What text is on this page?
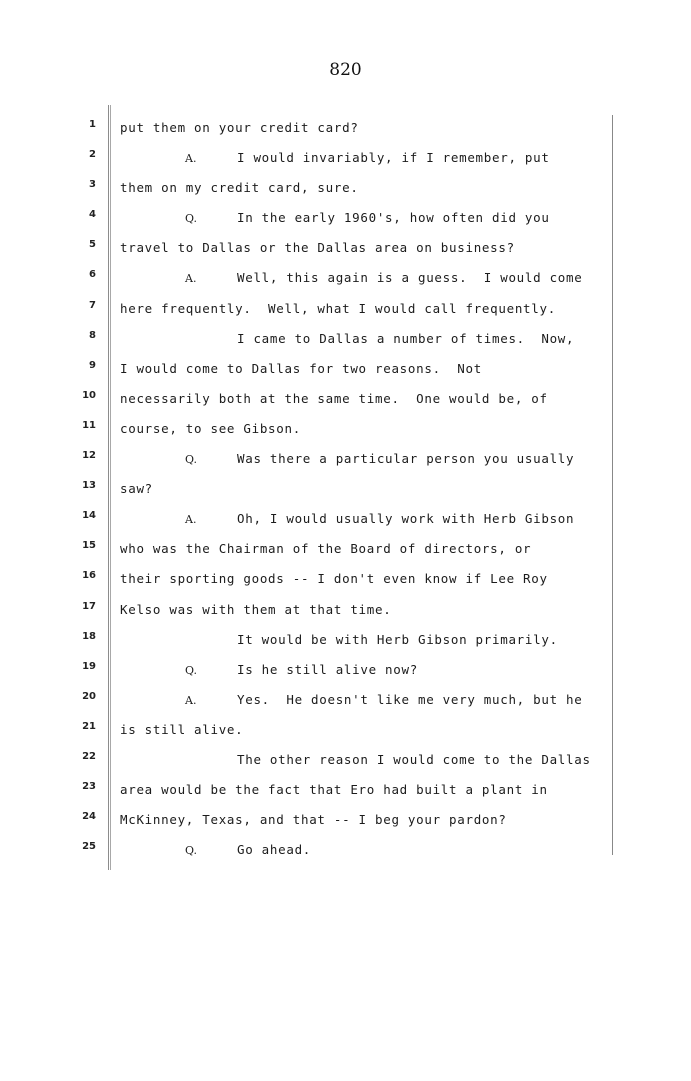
820
1 put them on your credit card?
2	A.	I would invariably, if I remember, put
3 them on my credit card, sure.
4	Q.	In the early 1960's, how often did you
5 travel to Dallas or the Dallas area on business?
6	A.	Well, this again is a guess.  I would come
7 here frequently.  Well, what I would call frequently.
8	I came to Dallas a number of times.  Now,
9 I would come to Dallas for two reasons.  Not
10 necessarily both at the same time.  One would be, of
11 course, to see Gibson.
12	Q.	Was there a particular person you usually
13 saw?
14	A.	Oh, I would usually work with Herb Gibson
15 who was the Chairman of the Board of directors, or
16 their sporting goods -- I don't even know if Lee Roy
17 Kelso was with them at that time.
18	It would be with Herb Gibson primarily.
19	Q.	Is he still alive now?
20	A.	Yes.  He doesn't like me very much, but he
21 is still alive.
22	The other reason I would come to the Dallas
23 area would be the fact that Ero had built a plant in
24 McKinney, Texas, and that -- I beg your pardon?
25	Q.	Go ahead.
